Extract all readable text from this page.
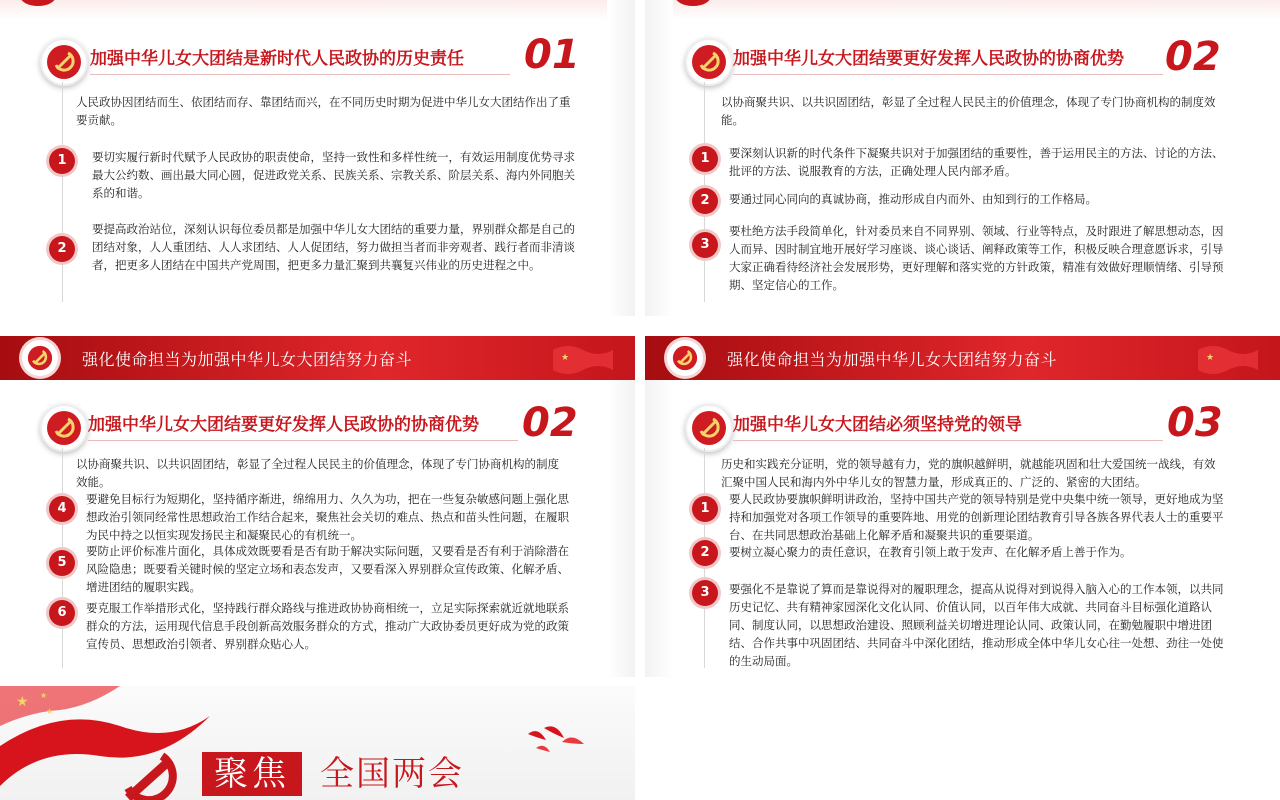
加强中华儿女大团结是新时代人民政协的历史责任 01
人民政协因团结而生、依团结而存、靠团结而兴，在不同历史时期为促进中华儿女大团结作出了重要贡献。
1	要切实履行新时代赋予人民政协的职责使命，坚持一致性和多样性统一，有效运用制度优势寻求最大公约数、画出最大同心圆，促进政党关系、民族关系、宗教关系、阶层关系、海内外同胞关系的和谐。
2
要提高政治站位，深刻认识每位委员都是加强中华儿女大团结的重要力量，界别群众都是自己的团结对象，人人重团结、人人求团结、人人促团结，努力做担当者而非旁观者、践行者而非清谈者，把更多人团结在中国共产党周围，把更多力量汇聚到共襄复兴伟业的历史进程之中。
加强中华儿女大团结要更好发挥人民政协的协商优势 02
以协商聚共识、以共识固团结，彰显了全过程人民民主的价值理念，体现了专门协商机构的制度效能。
1	要深刻认识新的时代条件下凝聚共识对于加强团结的重要性，善于运用民主的方法、讨论的方法、批评的方法、说服教育的方法，正确处理人民内部矛盾。
2	要通过同心同向的真诚协商，推动形成自内而外、由知到行的工作格局。
3
要杜绝方法手段简单化，针对委员来自不同界别、领域、行业等特点，及时跟进了解思想动态，因人而异、因时制宜地开展好学习座谈、谈心谈话、阐释政策等工作，积极反映合理意愿诉求，引导大家正确看待经济社会发展形势，更好理解和落实党的方针政策，精准有效做好理顺情绪、引导预期、坚定信心的工作。
强化使命担当为加强中华儿女大团结努力奋斗	★
加强中华儿女大团结要更好发挥人民政协的协商优势 02
以协商聚共识、以共识固团结，彰显了全过程人民民主的价值理念，体现了专门协商机构的制度效能。
4
要避免目标行为短期化，坚持循序渐进，绵绵用力、久久为功，把在一些复杂敏感问题上强化思想政治引领同经常性思想政治工作结合起来，聚焦社会关切的难点、热点和苗头性问题，在履职为民中持之以恒实现发扬民主和凝聚民心的有机统一。
5
要防止评价标准片面化，具体成效既要看是否有助于解决实际问题，又要看是否有利于消除潜在风险隐患；既要看关键时候的坚定立场和表态发声，又要看深入界别群众宣传政策、化解矛盾、增进团结的履职实践。
6	要克服工作举措形式化，坚持践行群众路线与推进政协协商相统一，立足实际探索就近就地联系群众的方法，运用现代信息手段创新高效服务群众的方式，推动广大政协委员更好成为党的政策宣传员、思想政治引领者、界别群众贴心人。
强化使命担当为加强中华儿女大团结努力奋斗	★
加强中华儿女大团结必须坚持党的领导	03
历史和实践充分证明，党的领导越有力，党的旗帜越鲜明，就越能巩固和壮大爱国统一战线，有效汇聚中国人民和海内外中华儿女的智慧力量，形成真正的、广泛的、紧密的大团结。
1
要人民政协要旗帜鲜明讲政治，坚持中国共产党的领导特别是党中央集中统一领导，更好地成为坚持和加强党对各项工作领导的重要阵地、用党的创新理论团结教育引导各族各界代表人士的重要平台、在共同思想政治基础上化解矛盾和凝聚共识的重要渠道。
2	要树立凝心聚力的责任意识，在教育引领上敢于发声、在化解矛盾上善于作为。
3	要强化不是靠说了算而是靠说得对的履职理念，提高从说得对到说得入脑入心的工作本领，以共同历史记忆、共有精神家园深化文化认同、价值认同，以百年伟大成就、共同奋斗目标强化道路认同、制度认同，以思想政治建设、照顾利益关切增进理论认同、政策认同，在勤勉履职中增进团结、合作共事中巩固团结、共同奋斗中深化团结，推动形成全体中华儿女心往一处想、劲往一处使的生动局面。
★ ★
★
聚焦 全国两会
